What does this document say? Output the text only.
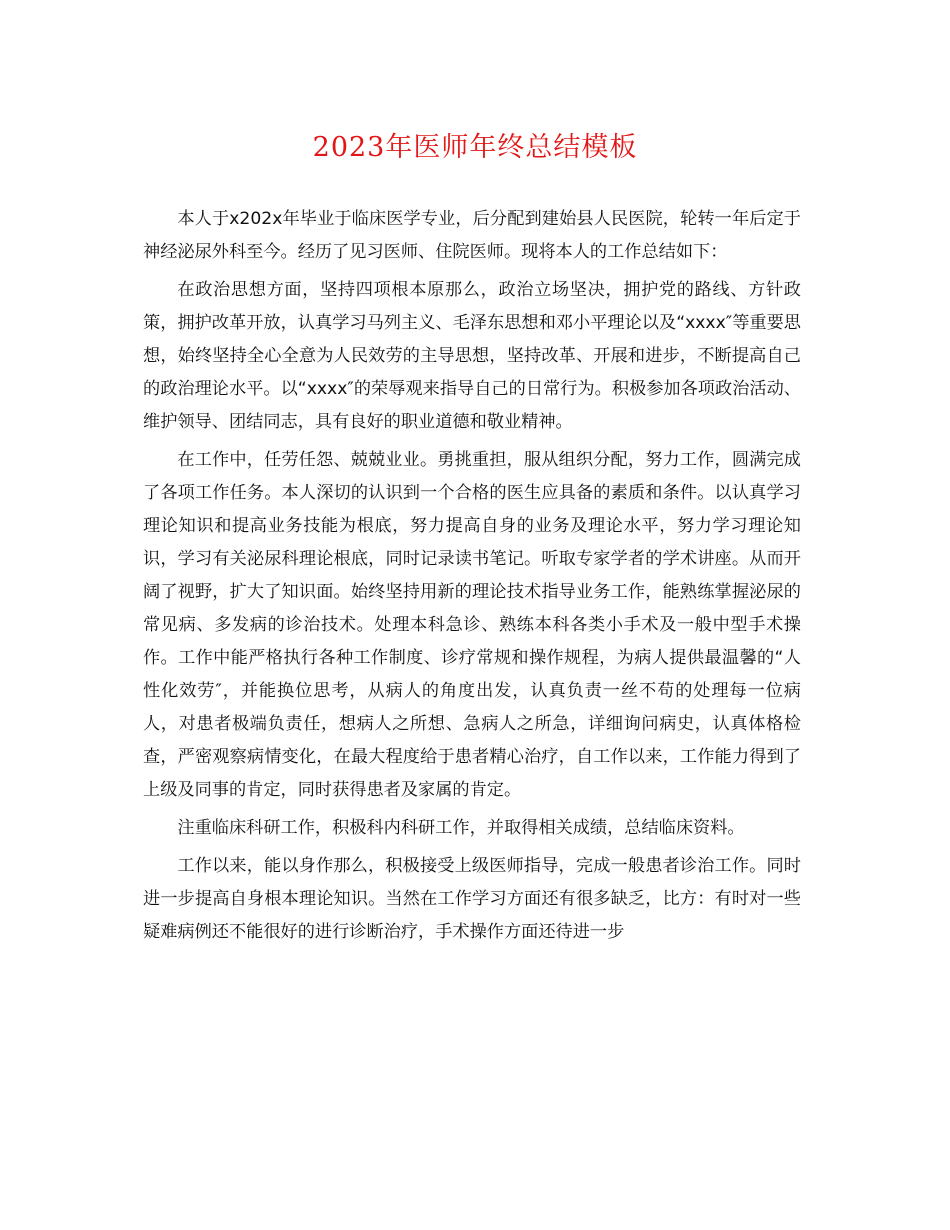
2023年医师年终总结模板

本人于x202x年毕业于临床医学专业，后分配到建始县人民医院，轮转一年后定于神经泌尿外科至今。经历了见习医师、住院医师。现将本人的工作总结如下：

在政治思想方面，坚持四项根本原那么，政治立场坚决，拥护党的路线、方针政策，拥护改革开放，认真学习马列主义、毛泽东思想和邓小平理论以及“xxxx″等重要思想，始终坚持全心全意为人民效劳的主导思想，坚持改革、开展和进步，不断提高自己的政治理论水平。以“xxxx″的荣辱观来指导自己的日常行为。积极参加各项政治活动、维护领导、团结同志，具有良好的职业道德和敬业精神。

在工作中，任劳任怨、兢兢业业。勇挑重担，服从组织分配，努力工作，圆满完成了各项工作任务。本人深切的认识到一个合格的医生应具备的素质和条件。以认真学习理论知识和提高业务技能为根底，努力提高自身的业务及理论水平，努力学习理论知识，学习有关泌尿科理论根底，同时记录读书笔记。听取专家学者的学术讲座。从而开阔了视野，扩大了知识面。始终坚持用新的理论技术指导业务工作，能熟练掌握泌尿的常见病、多发病的诊治技术。处理本科急诊、熟练本科各类小手术及一般中型手术操作。工作中能严格执行各种工作制度、诊疗常规和操作规程，为病人提供最温馨的“人性化效劳″，并能换位思考，从病人的角度出发，认真负责一丝不苟的处理每一位病人，对患者极端负责任，想病人之所想、急病人之所急，详细询问病史，认真体格检查，严密观察病情变化，在最大程度给于患者精心治疗，自工作以来，工作能力得到了上级及同事的肯定，同时获得患者及家属的肯定。

注重临床科研工作，积极科内科研工作，并取得相关成绩，总结临床资料。

工作以来，能以身作那么，积极接受上级医师指导，完成一般患者诊治工作。同时进一步提高自身根本理论知识。当然在工作学习方面还有很多缺乏，比方：有时对一些疑难病例还不能很好的进行诊断治疗，手术操作方面还待进一步
